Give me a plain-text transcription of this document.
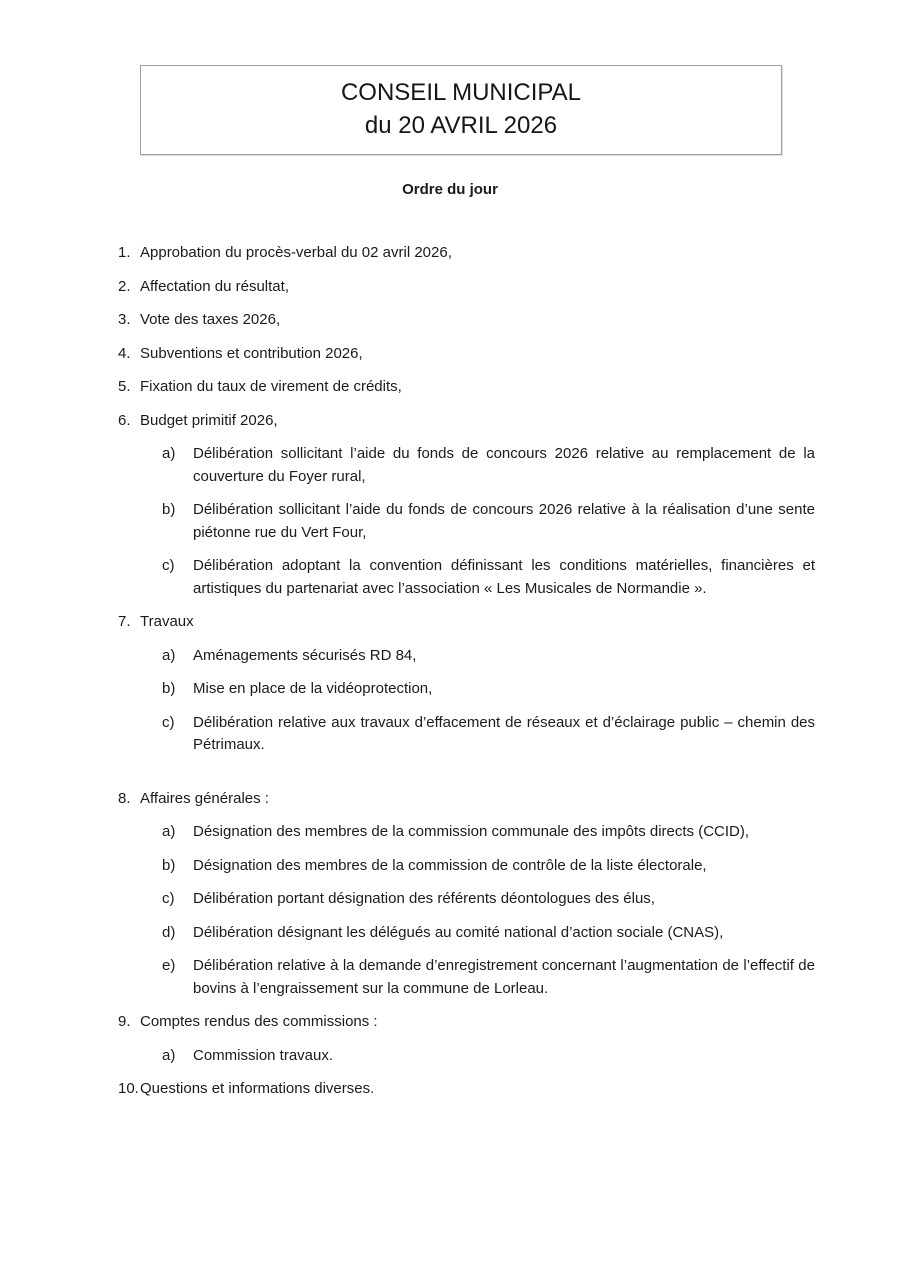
CONSEIL MUNICIPAL
du 20 AVRIL 2026
Ordre du jour
1. Approbation du procès-verbal du 02 avril 2026,
2. Affectation du résultat,
3. Vote des taxes 2026,
4. Subventions et contribution 2026,
5. Fixation du taux de virement de crédits,
6. Budget primitif 2026,
a)	Délibération sollicitant l’aide du fonds de concours 2026 relative au remplacement de la couverture du Foyer rural,
b)	Délibération sollicitant l’aide du fonds de concours 2026 relative à la réalisation d’une sente piétonne rue du Vert Four,
c)	Délibération adoptant la convention définissant les conditions matérielles, financières et artistiques du partenariat avec l’association « Les Musicales de Normandie ».
7. Travaux
a)	Aménagements sécurisés RD 84,
b)	Mise en place de la vidéoprotection,
c)	Délibération relative aux travaux d’effacement de réseaux et d’éclairage public – chemin des Pétrimaux.
8. Affaires générales :
a)	Désignation des membres de la commission communale des impôts directs (CCID),
b)	Désignation des membres de la commission de contrôle de la liste électorale,
c)	Délibération portant désignation des référents déontologues des élus,
d)	Délibération désignant les délégués au comité national d’action sociale (CNAS),
e)	Délibération relative à la demande d’enregistrement concernant l’augmentation de l’effectif de bovins à l’engraissement sur la commune de Lorleau.
9. Comptes rendus des commissions :
a)	Commission travaux.
10. Questions et informations diverses.
